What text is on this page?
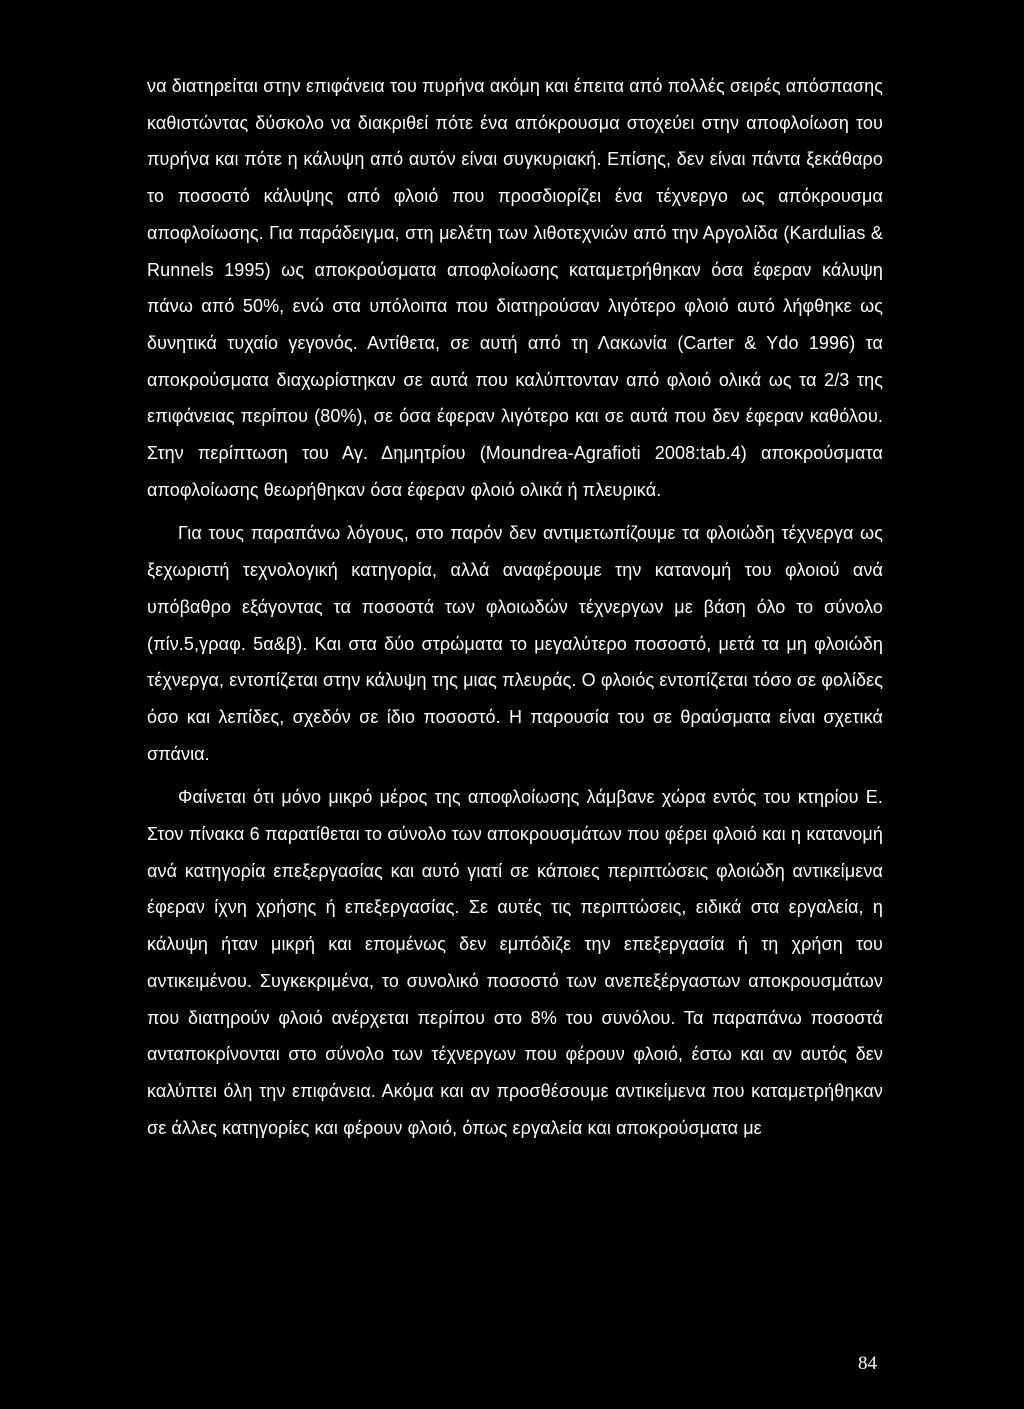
να διατηρείται στην επιφάνεια του πυρήνα ακόμη και έπειτα από πολλές σειρές απόσπασης καθιστώντας δύσκολο να διακριθεί πότε ένα απόκρουσμα στοχεύει στην αποφλοίωση του πυρήνα και πότε η κάλυψη από αυτόν είναι συγκυριακή. Επίσης, δεν είναι πάντα ξεκάθαρο το ποσοστό κάλυψης από φλοιό που προσδιορίζει ένα τέχνεργο ως απόκρουσμα αποφλοίωσης. Για παράδειγμα, στη μελέτη των λιθοτεχνιών από την Αργολίδα (Kardulias & Runnels 1995) ως αποκρούσματα αποφλοίωσης καταμετρήθηκαν όσα έφεραν κάλυψη πάνω από 50%, ενώ στα υπόλοιπα που διατηρούσαν λιγότερο φλοιό αυτό λήφθηκε ως δυνητικά τυχαίο γεγονός. Αντίθετα, σε αυτή από τη Λακωνία (Carter & Ydo 1996) τα αποκρούσματα διαχωρίστηκαν σε αυτά που καλύπτονταν από φλοιό ολικά ως τα 2/3 της επιφάνειας περίπου (80%), σε όσα έφεραν λιγότερο και σε αυτά που δεν έφεραν καθόλου. Στην περίπτωση του Αγ. Δημητρίου (Moundrea-Agrafioti 2008:tab.4) αποκρούσματα αποφλοίωσης θεωρήθηκαν όσα έφεραν φλοιό ολικά ή πλευρικά.

Για τους παραπάνω λόγους, στο παρόν δεν αντιμετωπίζουμε τα φλοιώδη τέχνεργα ως ξεχωριστή τεχνολογική κατηγορία, αλλά αναφέρουμε την κατανομή του φλοιού ανά υπόβαθρο εξάγοντας τα ποσοστά των φλοιωδών τέχνεργων με βάση όλο το σύνολο (πίν.5,γραφ. 5α&β). Και στα δύο στρώματα το μεγαλύτερο ποσοστό, μετά τα μη φλοιώδη τέχνεργα, εντοπίζεται στην κάλυψη της μιας πλευράς. Ο φλοιός εντοπίζεται τόσο σε φολίδες όσο και λεπίδες, σχεδόν σε ίδιο ποσοστό. Η παρουσία του σε θραύσματα είναι σχετικά σπάνια.

Φαίνεται ότι μόνο μικρό μέρος της αποφλοίωσης λάμβανε χώρα εντός του κτηρίου Ε. Στον πίνακα 6 παρατίθεται το σύνολο των αποκρουσμάτων που φέρει φλοιό και η κατανομή ανά κατηγορία επεξεργασίας και αυτό γιατί σε κάποιες περιπτώσεις φλοιώδη αντικείμενα έφεραν ίχνη χρήσης ή επεξεργασίας. Σε αυτές τις περιπτώσεις, ειδικά στα εργαλεία, η κάλυψη ήταν μικρή και επομένως δεν εμπόδιζε την επεξεργασία ή τη χρήση του αντικειμένου. Συγκεκριμένα, το συνολικό ποσοστό των ανεπεξέργαστων αποκρουσμάτων που διατηρούν φλοιό ανέρχεται περίπου στο 8% του συνόλου. Τα παραπάνω ποσοστά ανταποκρίνονται στο σύνολο των τέχνεργων που φέρουν φλοιό, έστω και αν αυτός δεν καλύπτει όλη την επιφάνεια. Ακόμα και αν προσθέσουμε αντικείμενα που καταμετρήθηκαν σε άλλες κατηγορίες και φέρουν φλοιό, όπως εργαλεία και αποκρούσματα με

84
